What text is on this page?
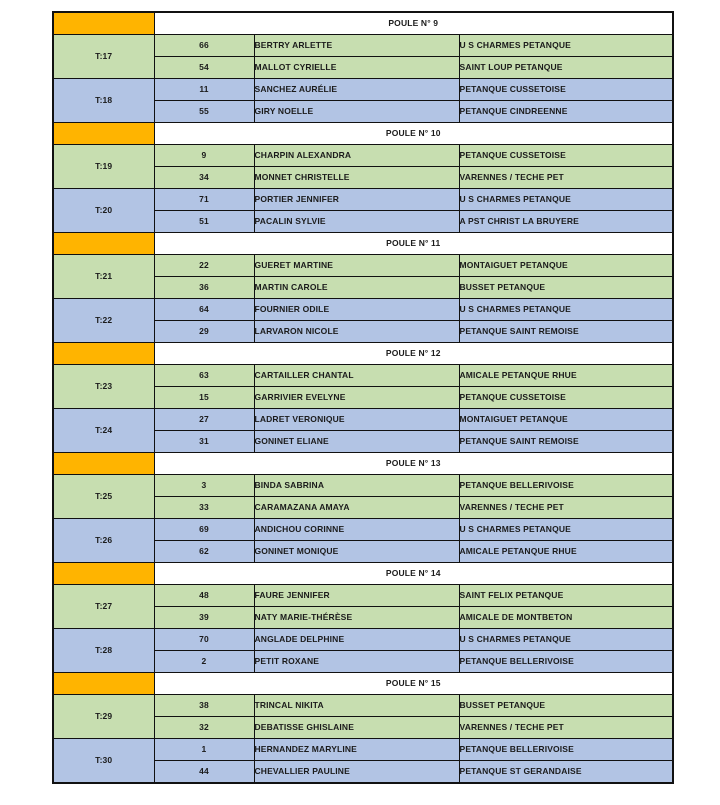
	POULE N° 9		
T:17	66	BERTRY ARLETTE	U S CHARMES PETANQUE
	54	MALLOT CYRIELLE	SAINT LOUP PETANQUE
T:18	11	SANCHEZ AURÉLIE	PETANQUE CUSSETOISE
	55	GIRY NOELLE	PETANQUE CINDREENNE
	POULE N° 10		
T:19	9	CHARPIN ALEXANDRA	PETANQUE CUSSETOISE
	34	MONNET CHRISTELLE	VARENNES / TECHE PET
T:20	71	PORTIER JENNIFER	U S CHARMES PETANQUE
	51	PACALIN SYLVIE	A PST CHRIST LA BRUYERE
	POULE N° 11		
T:21	22	GUERET MARTINE	MONTAIGUET PETANQUE
	36	MARTIN CAROLE	BUSSET PETANQUE
T:22	64	FOURNIER ODILE	U S CHARMES PETANQUE
	29	LARVARON NICOLE	PETANQUE SAINT REMOISE
	POULE N° 12		
T:23	63	CARTAILLER CHANTAL	AMICALE PETANQUE RHUE
	15	GARRIVIER EVELYNE	PETANQUE CUSSETOISE
T:24	27	LADRET VERONIQUE	MONTAIGUET PETANQUE
	31	GONINET ELIANE	PETANQUE SAINT REMOISE
	POULE N° 13		
T:25	3	BINDA SABRINA	PETANQUE BELLERIVOISE
	33	CARAMAZANA AMAYA	VARENNES / TECHE PET
T:26	69	ANDICHOU CORINNE	U S CHARMES PETANQUE
	62	GONINET MONIQUE	AMICALE PETANQUE RHUE
	POULE N° 14		
T:27	48	FAURE JENNIFER	SAINT FELIX PETANQUE
	39	NATY MARIE-THÉRÈSE	AMICALE DE MONTBETON
T:28	70	ANGLADE DELPHINE	U S CHARMES PETANQUE
	2	PETIT ROXANE	PETANQUE BELLERIVOISE
	POULE N° 15		
T:29	38	TRINCAL NIKITA	BUSSET PETANQUE
	32	DEBATISSE GHISLAINE	VARENNES / TECHE PET
T:30	1	HERNANDEZ MARYLINE	PETANQUE BELLERIVOISE
	44	CHEVALLIER PAULINE	PETANQUE ST GERANDAISE
